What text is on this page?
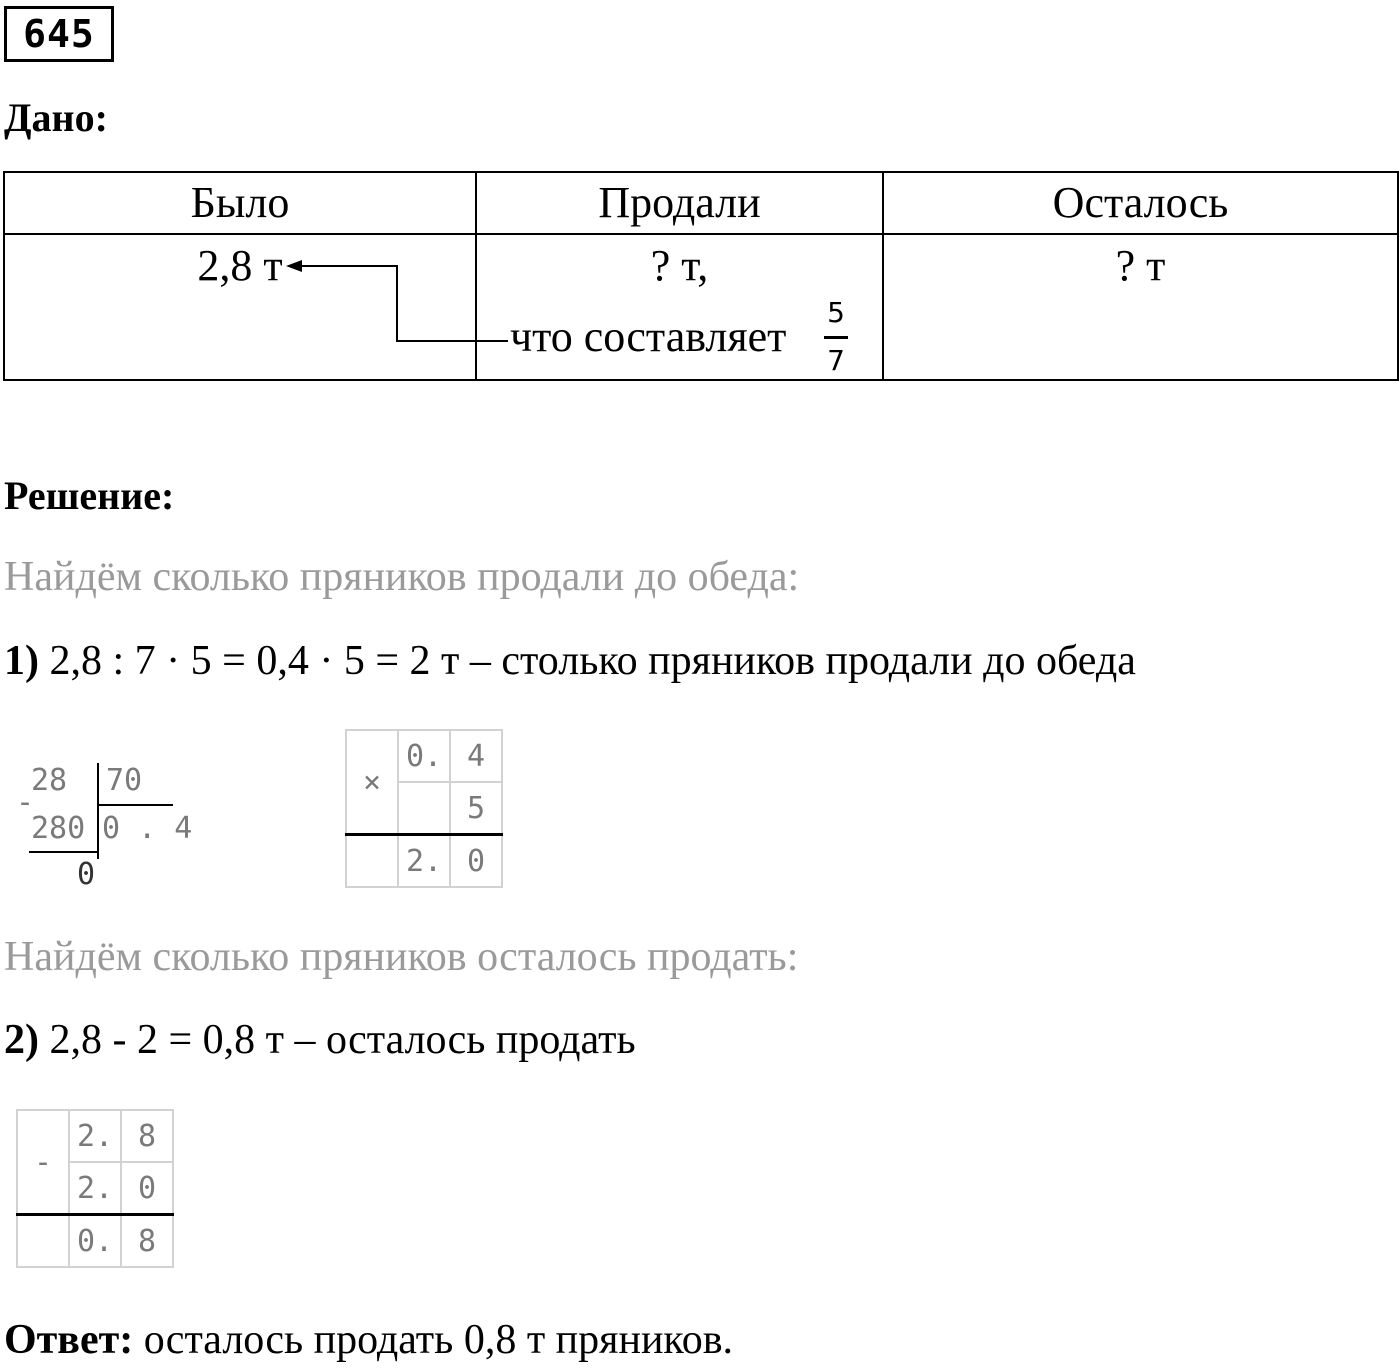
645
Дано:
Было	Продали	Осталось
2,8 т	? т,	? т
что составляет 5
7
Решение:
Найдём сколько пряников продали до обеда:
1) 2,8 : 7 · 5 = 0,4 · 5 = 2 т – столько пряников продали до обеда
-
28 70
280 0 . 4
0
×	0.	4
		5
	2.	0
Найдём сколько пряников осталось продать:
2) 2,8 - 2 = 0,8 т – осталось продать
-	2.	8
	2.	0
	0.	8
Ответ: осталось продать 0,8 т пряников.
